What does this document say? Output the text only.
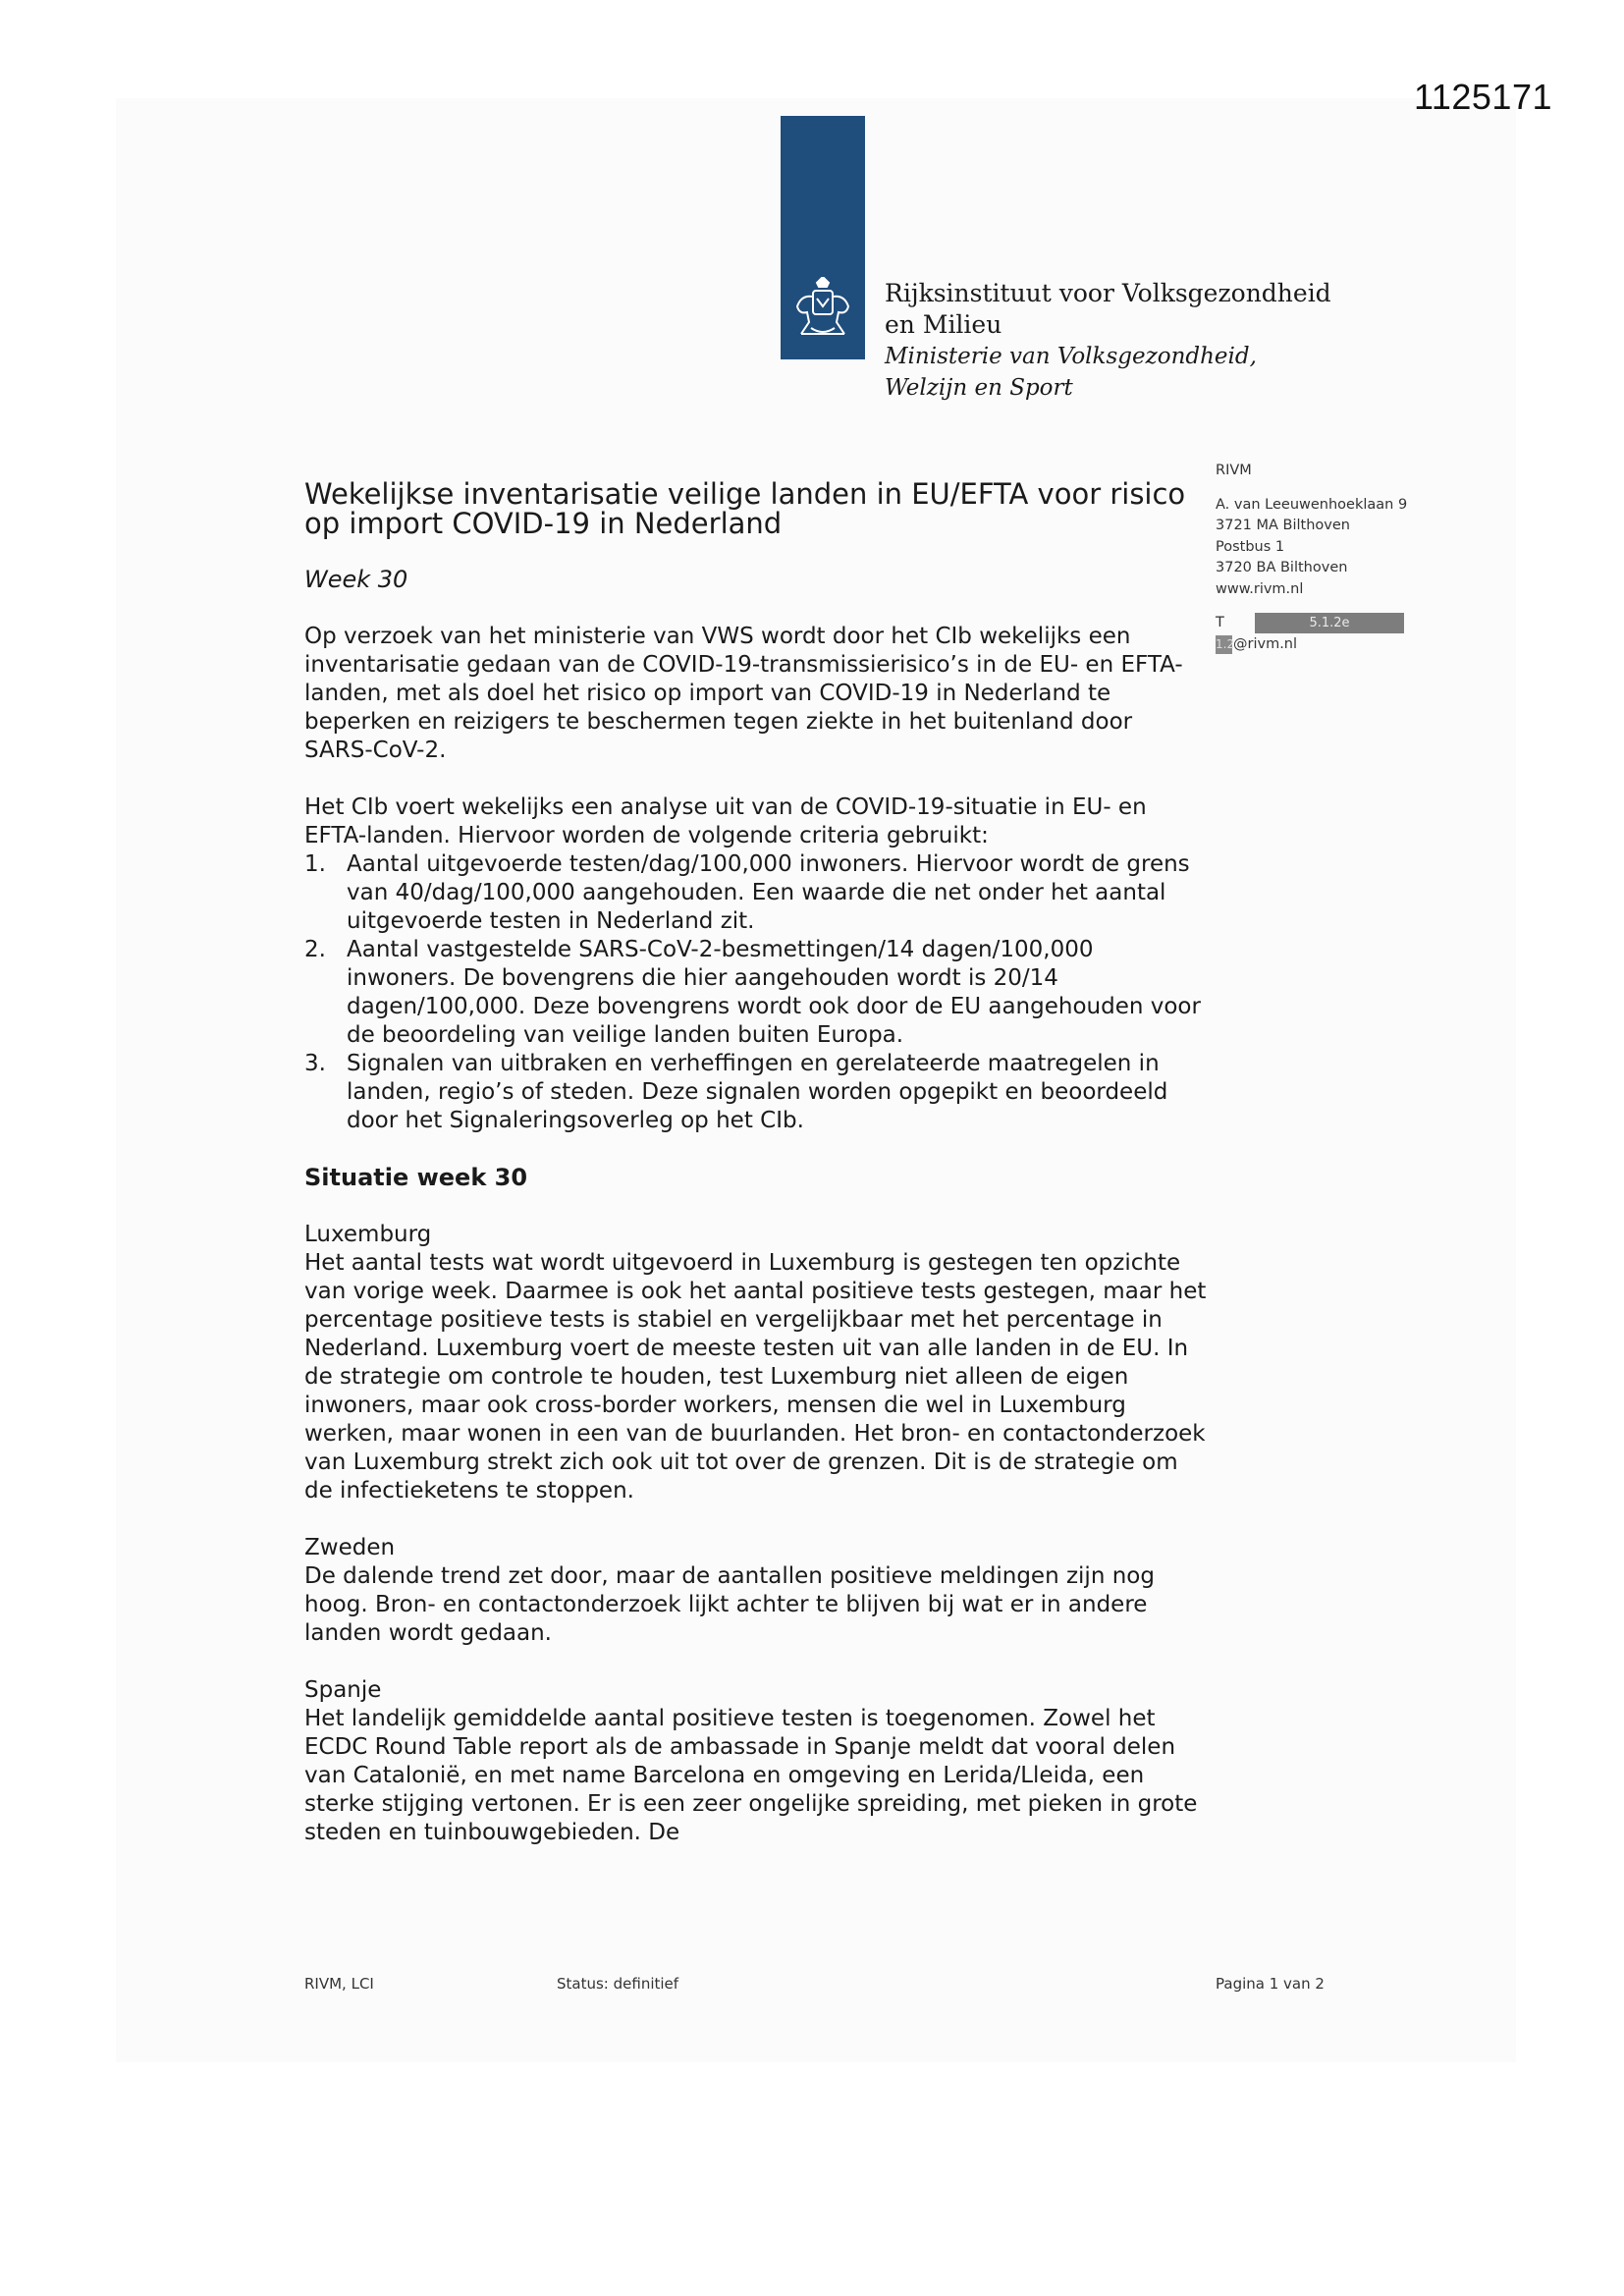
1125171
Rijksinstituut voor Volksgezondheid
en Milieu
Ministerie van Volksgezondheid,
Welzijn en Sport
RIVM
A. van Leeuwenhoeklaan 9
3721 MA Bilthoven
Postbus 1
3720 BA Bilthoven
www.rivm.nl
T	5.1.2e
1.2
@rivm.nl
Wekelijkse inventarisatie veilige landen in EU/EFTA voor risico
op import COVID-19 in Nederland
Week 30

Op verzoek van het ministerie van VWS wordt door het CIb wekelijks een inventarisatie gedaan van de COVID-19-transmissierisico’s in de EU- en EFTA-landen, met als doel het risico op import van COVID-19 in Nederland te beperken en reizigers te beschermen tegen ziekte in het buitenland door SARS-CoV-2.

Het CIb voert wekelijks een analyse uit van de COVID-19-situatie in EU- en EFTA-landen. Hiervoor worden de volgende criteria gebruikt:

1. Aantal uitgevoerde testen/dag/100,000 inwoners. Hiervoor wordt de grens van 40/dag/100,000 aangehouden. Een waarde die net onder het aantal uitgevoerde testen in Nederland zit.
2. Aantal vastgestelde SARS-CoV-2-besmettingen/14 dagen/100,000 inwoners. De bovengrens die hier aangehouden wordt is 20/14 dagen/100,000. Deze bovengrens wordt ook door de EU aangehouden voor de beoordeling van veilige landen buiten Europa.
3. Signalen van uitbraken en verheffingen en gerelateerde maatregelen in landen, regio’s of steden. Deze signalen worden opgepikt en beoordeeld door het Signaleringsoverleg op het CIb.
Situatie week 30
Luxemburg
Het aantal tests wat wordt uitgevoerd in Luxemburg is gestegen ten opzichte van vorige week. Daarmee is ook het aantal positieve tests gestegen, maar het percentage positieve tests is stabiel en vergelijkbaar met het percentage in Nederland. Luxemburg voert de meeste testen uit van alle landen in de EU. In de strategie om controle te houden, test Luxemburg niet alleen de eigen inwoners, maar ook cross-border workers, mensen die wel in Luxemburg werken, maar wonen in een van de buurlanden. Het bron- en contactonderzoek van Luxemburg strekt zich ook uit tot over de grenzen. Dit is de strategie om de infectieketens te stoppen.
Zweden
De dalende trend zet door, maar de aantallen positieve meldingen zijn nog hoog. Bron- en contactonderzoek lijkt achter te blijven bij wat er in andere landen wordt gedaan.
Spanje
Het landelijk gemiddelde aantal positieve testen is toegenomen. Zowel het ECDC Round Table report als de ambassade in Spanje meldt dat vooral delen van Catalonië, en met name Barcelona en omgeving en Lerida/Lleida, een sterke stijging vertonen. Er is een zeer ongelijke spreiding, met pieken in grote steden en tuinbouwgebieden. De
RIVM, LCI	Status: definitief	Pagina 1 van 2
